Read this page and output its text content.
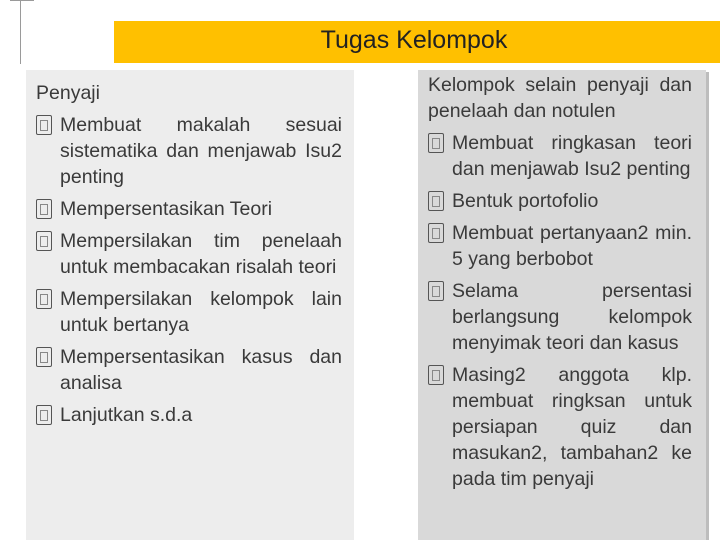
Tugas Kelompok
Penyaji
Membuat makalah sesuai sistematika dan menjawab Isu2 penting
Mempersentasikan Teori
Mempersilakan tim penelaah untuk membacakan risalah teori
Mempersilakan kelompok lain untuk bertanya
Mempersentasikan kasus dan analisa
Lanjutkan s.d.a
Kelompok selain penyaji dan penelaah dan notulen
Membuat ringkasan teori dan menjawab Isu2 penting
Bentuk portofolio
Membuat pertanyaan2 min. 5 yang berbobot
Selama persentasi berlangsung kelompok menyimak teori dan kasus
Masing2 anggota klp. membuat ringksan untuk persiapan quiz dan masukan2, tambahan2 ke pada tim penyaji
